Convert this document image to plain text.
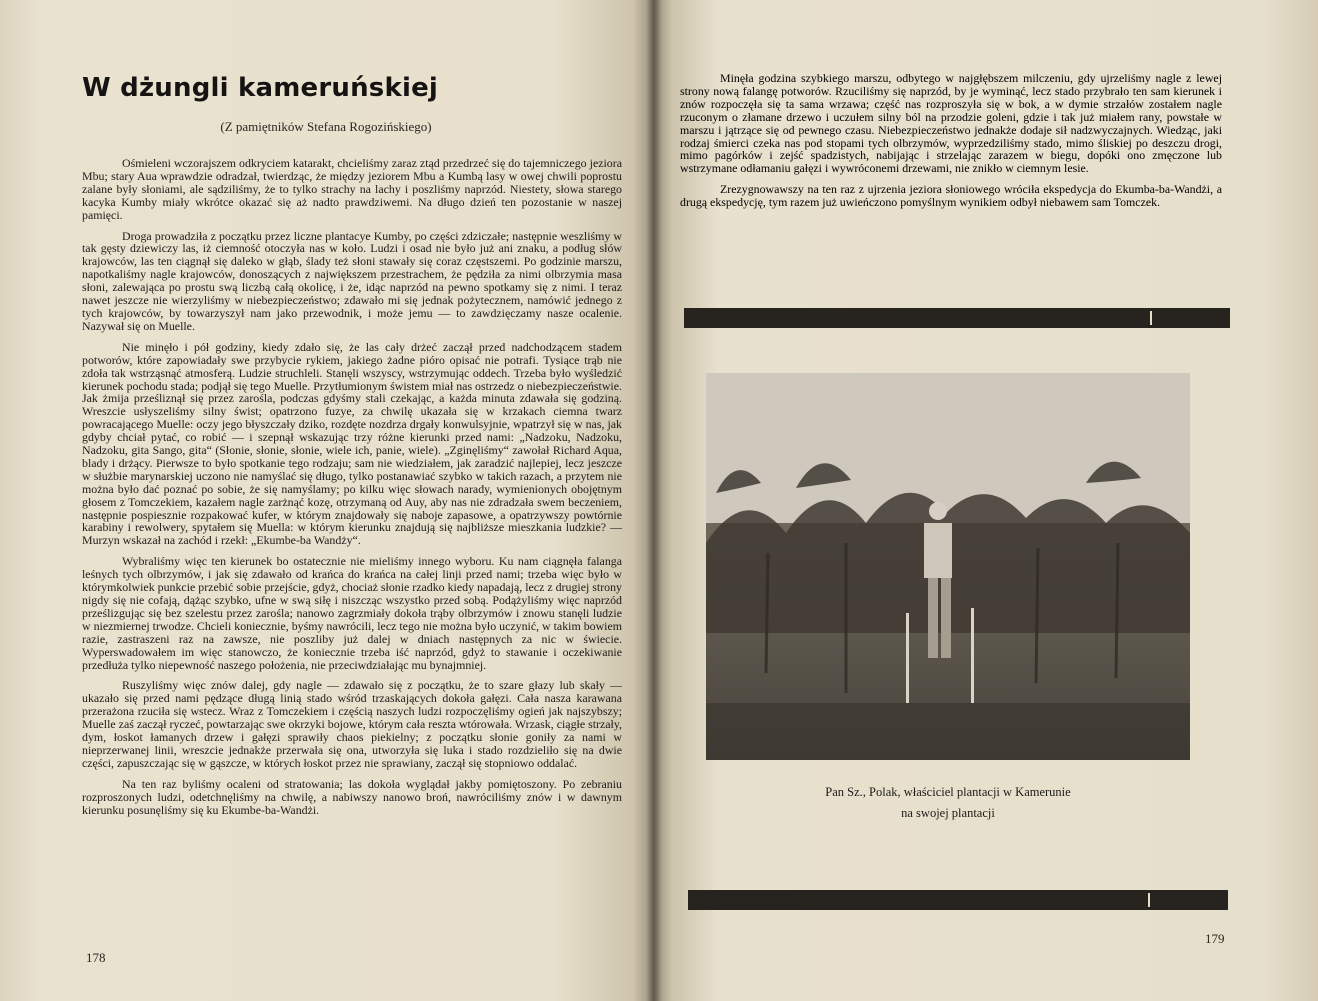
W dżungli kameruńskiej
(Z pamiętników Stefana Rogozińskiego)

Ośmieleni wczorajszem odkryciem katarakt, chcieliśmy zaraz ztąd przedrzeć się do tajemniczego jeziora Mbu; stary Aua wprawdzie odradzał, twierdząc, że między jeziorem Mbu a Kumbą lasy w owej chwili poprostu zalane były słoniami, ale sądziliśmy, że to tylko strachy na lachy i poszliśmy naprzód. Niestety, słowa starego kacyka Kumby miały wkrótce okazać się aż nadto prawdziwemi. Na długo dzień ten pozostanie w naszej pamięci.

Droga prowadziła z początku przez liczne plantacye Kumby, po części zdziczałe; następnie weszliśmy w tak gęsty dziewiczy las, iż ciemność otoczyła nas w koło. Ludzi i osad nie było już ani znaku, a podług słów krajowców, las ten ciągnął się daleko w głąb, ślady też słoni stawały się coraz częstszemi. Po godzinie marszu, napotkaliśmy nagle krajowców, donoszących z największem przestrachem, że pędziła za nimi olbrzymia masa słoni, zalewająca po prostu swą liczbą całą okolicę, i że, idąc naprzód na pewno spotkamy się z nimi. I teraz nawet jeszcze nie wierzyliśmy w niebezpieczeństwo; zdawało mi się jednak pożytecznem, namówić jednego z tych krajowców, by towarzyszył nam jako przewodnik, i może jemu — to zawdzięczamy nasze ocalenie. Nazywał się on Muelle.

Nie minęło i pół godziny, kiedy zdało się, że las cały drżeć zaczął przed nadchodzącem stadem potworów, które zapowiadały swe przybycie rykiem, jakiego żadne pióro opisać nie potrafi. Tysiące trąb nie zdoła tak wstrząsnąć atmosferą. Ludzie struchleli. Stanęli wszyscy, wstrzymując oddech. Trzeba było wyśledzić kierunek pochodu stada; podjął się tego Muelle. Przytłumionym świstem miał nas ostrzedz o niebezpieczeństwie. Jak żmija prześliznął się przez zarośla, podczas gdyśmy stali czekając, a każda minuta zdawała się godziną. Wreszcie usłyszeliśmy silny świst; opatrzono fuzye, za chwilę ukazała się w krzakach ciemna twarz powracającego Muelle: oczy jego błyszczały dziko, rozdęte nozdrza drgały konwulsyjnie, wpatrzył się w nas, jak gdyby chciał pytać, co robić — i szepnął wskazując trzy różne kierunki przed nami: „Nadzoku, Nadzoku, Nadzoku, gita Sango, gita“ (Słonie, słonie, słonie, wiele ich, panie, wiele). „Zginęliśmy“ zawołał Richard Aqua, blady i drżący. Pierwsze to było spotkanie tego rodzaju; sam nie wiedziałem, jak zaradzić najlepiej, lecz jeszcze w służbie marynarskiej uczono nie namyślać się długo, tylko postanawiać szybko w takich razach, a przytem nie można było dać poznać po sobie, że się namyślamy; po kilku więc słowach narady, wymienionych obojętnym głosem z Tomczekiem, kazałem nagle zarżnąć kozę, otrzymaną od Auy, aby nas nie zdradzała swem beczeniem, następnie pospiesznie rozpakować kufer, w którym znajdowały się naboje zapasowe, a opatrzywszy powtórnie karabiny i rewolwery, spytałem się Muella: w którym kierunku znajdują się najbliższe mieszkania ludzkie? — Murzyn wskazał na zachód i rzekł: „Ekumbe-ba Wandży“.

Wybraliśmy więc ten kierunek bo ostatecznie nie mieliśmy innego wyboru. Ku nam ciągnęła falanga leśnych tych olbrzymów, i jak się zdawało od krańca do krańca na całej linji przed nami; trzeba więc było w którymkolwiek punkcie przebić sobie przejście, gdyż, chociaż słonie rzadko kiedy napadają, lecz z drugiej strony nigdy się nie cofają, dążąc szybko, ufne w swą siłę i niszcząc wszystko przed sobą. Podążyliśmy więc naprzód prześlizgując się bez szelestu przez zarośla; nanowo zagrzmiały dokoła trąby olbrzymów i znowu stanęli ludzie w niezmiernej trwodze. Chcieli koniecznie, byśmy nawrócili, lecz tego nie można było uczynić, w takim bowiem razie, zastraszeni raz na zawsze, nie poszliby już dalej w dniach następnych za nic w świecie. Wyperswadowałem im więc stanowczo, że koniecznie trzeba iść naprzód, gdyż to stawanie i oczekiwanie przedłuża tylko niepewność naszego położenia, nie przeciwdziałając mu bynajmniej.

Ruszyliśmy więc znów dalej, gdy nagle — zdawało się z początku, że to szare głazy lub skały — ukazało się przed nami pędzące długą linią stado wśród trzaskających dokoła gałęzi. Cała nasza karawana przerażona rzuciła się wstecz. Wraz z Tomczekiem i częścią naszych ludzi rozpoczęliśmy ogień jak najszybszy; Muelle zaś zaczął ryczeć, powtarzając swe okrzyki bojowe, którym cała reszta wtórowała. Wrzask, ciągłe strzały, dym, łoskot łamanych drzew i gałęzi sprawiły chaos piekielny; z początku słonie goniły za nami w nieprzerwanej linii, wreszcie jednakże przerwała się ona, utworzyła się luka i stado rozdzieliło się na dwie części, zapuszczając się w gąszcze, w których łoskot przez nie sprawiany, zaczął się stopniowo oddalać.

Na ten raz byliśmy ocaleni od stratowania; las dokoła wyglądał jakby pomiętoszony. Po zebraniu rozproszonych ludzi, odetchnęliśmy na chwilę, a nabiwszy nanowo broń, nawróciliśmy znów i w dawnym kierunku posunęliśmy się ku Ekumbe-ba-Wandżi.

178

Minęła godzina szybkiego marszu, odbytego w najgłębszem milczeniu, gdy ujrzeliśmy nagle z lewej strony nową falangę potworów. Rzuciliśmy się naprzód, by je wyminąć, lecz stado przybrało ten sam kierunek i znów rozpoczęła się ta sama wrzawa; część nas rozproszyła się w bok, a w dymie strzałów zostałem nagle rzuconym o złamane drzewo i uczułem silny ból na przodzie goleni, gdzie i tak już miałem rany, powstałe w marszu i jątrzące się od pewnego czasu. Niebezpieczeństwo jednakże dodaje sił nadzwyczajnych. Wiedząc, jaki rodzaj śmierci czeka nas pod stopami tych olbrzymów, wyprzedziliśmy stado, mimo śliskiej po deszczu drogi, mimo pagórków i zejść spadzistych, nabijając i strzelając zarazem w biegu, dopóki ono zmęczone lub wstrzymane odłamaniu gałęzi i wywróconemi drzewami, nie znikło w ciemnym lesie.

Zrezygnowawszy na ten raz z ujrzenia jeziora słoniowego wróciła ekspedycja do Ekumba-ba-Wandżi, a drugą ekspedycję, tym razem już uwieńczono pomyślnym wynikiem odbył niebawem sam Tomczek.

Pan Sz., Polak, właściciel plantacji w Kamerunie
na swojej plantacji
179
